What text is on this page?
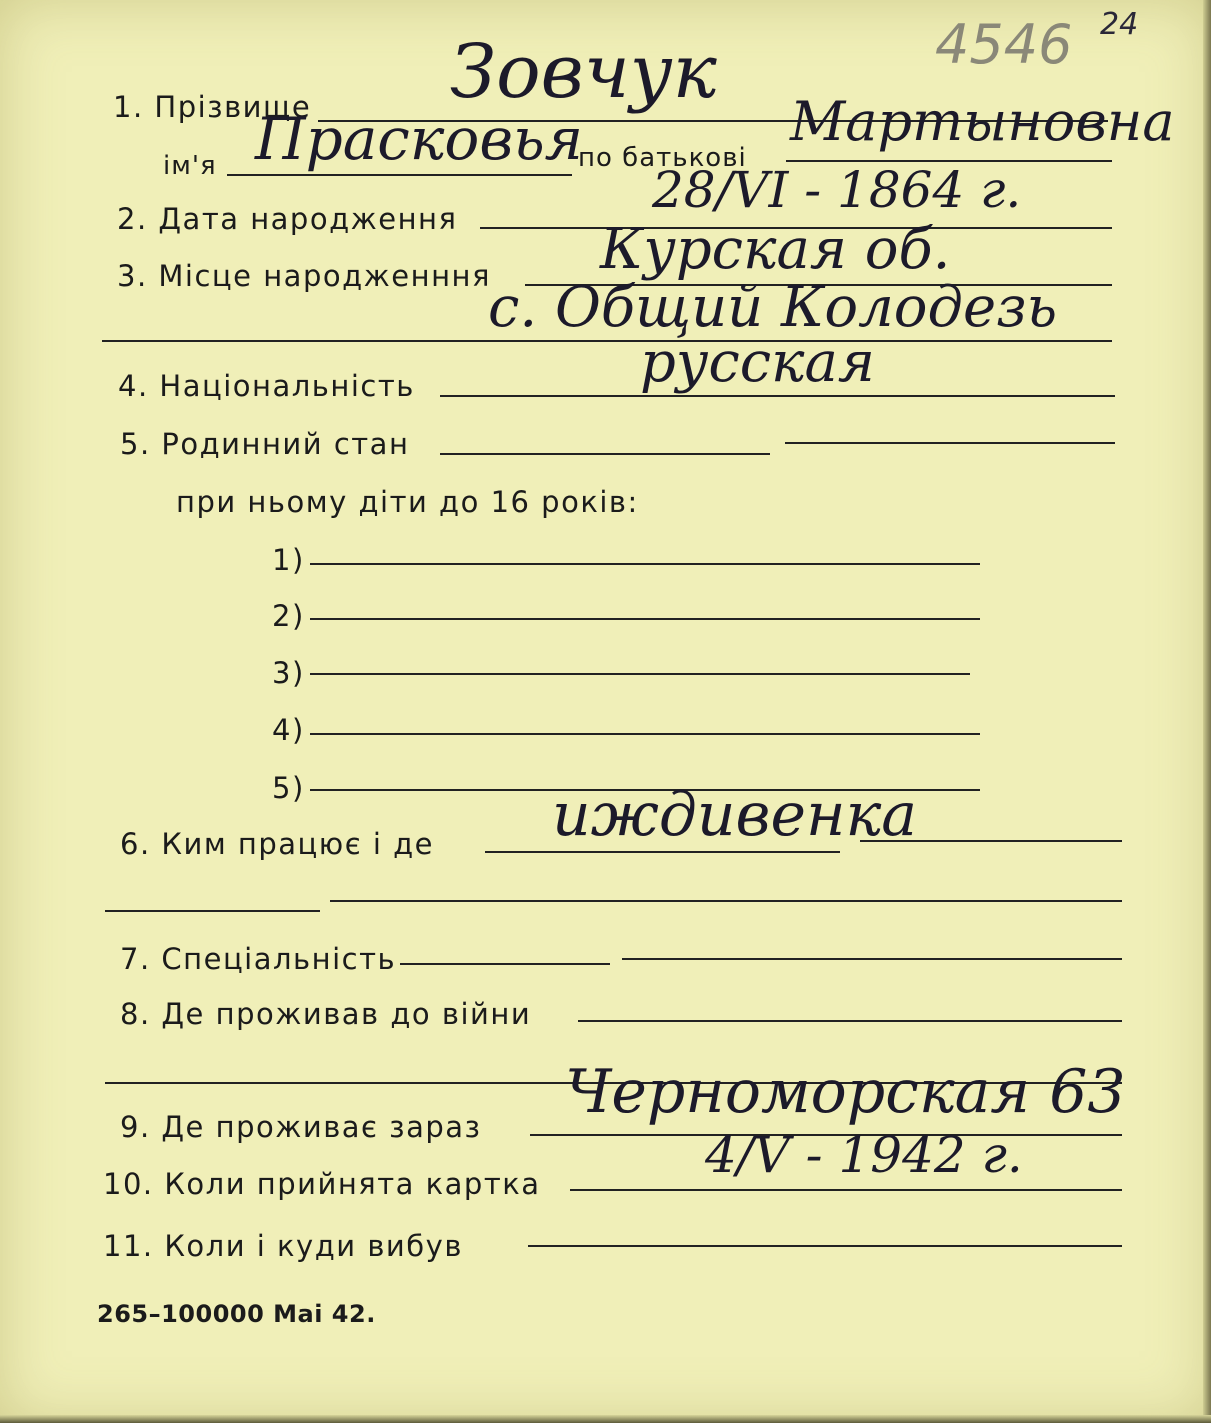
4546 24
1. Прізвище Зовчук
ім'я Прасковья
по батькові
Мартыновна
2. Дата народження	28/VI - 1864 г.
3. Місце народженння Курская об.
с. Общий Колодезь
4. Національність	русская
5. Родинний стан
при ньому діти до 16 років:
1)
2)
3)
4)
5)
6. Ким працює і де иждивенка
7. Спеціальність
8. Де проживав до війни
9. Де проживає зараз Черноморская 63
10. Коли прийнята картка	4/V - 1942 г.
11. Коли і куди вибув
265–100000 Маі 42.
